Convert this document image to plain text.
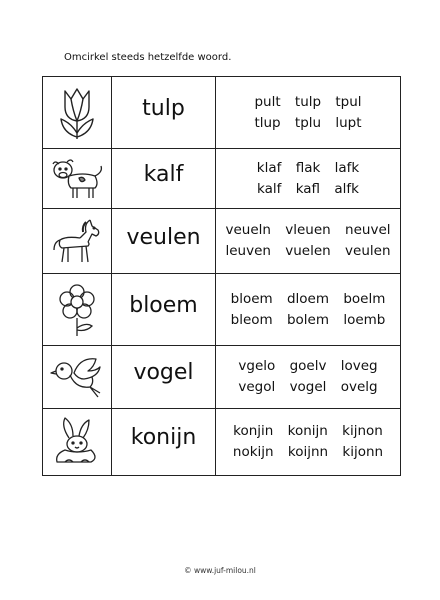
Omcirkel steeds hetzelfde woord.
	tulp	pult tulp tpul
tlup tplu lupt

	kalf	klaf flak lafk
kalf kafl alfk

	veulen	veueln vleuen neuvel
leuven vuelen veulen

	bloem	bloem dloem boelm
bleom bolem loemb

	vogel	vgelo goelv loveg
vegol vogel ovelg

	konijn	konjin konijn kijnon
nokijn koijnn kijonn
© www.juf-milou.nl
